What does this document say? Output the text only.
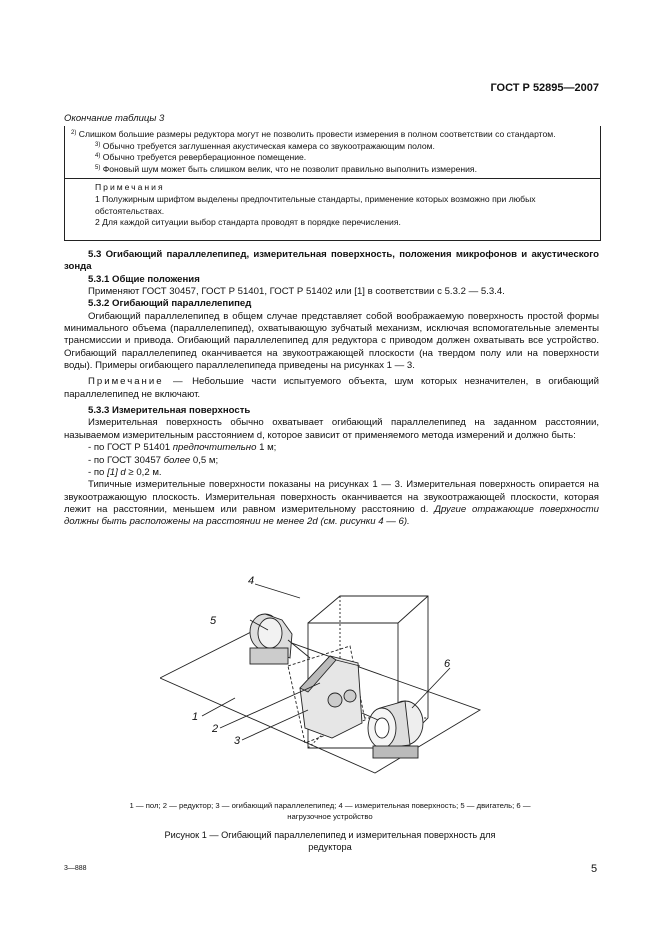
ГОСТ Р 52895—2007
Окончание таблицы 3

$^{2)}$ Слишком большие размеры редуктора могут не позволить провести измерения в полном соответствии со стандартом.

$^{3)}$ Обычно требуется заглушенная акустическая камера со звукоотражающим полом.

$^{4)}$ Обычно требуется реверберационное помещение.

$^{5)}$ Фоновый шум может быть слишком велик, что не позволит правильно выполнить измерения.

Примечания

1 Полужирным шрифтом выделены предпочтительные стандарты, применение которых возможно при любых обстоятельствах.

2 Для каждой ситуации выбор стандарта проводят в порядке перечисления.

5.3 Огибающий параллелепипед, измерительная поверхность, положения микрофонов и акустического зонда

5.3.1 Общие положения

Применяют ГОСТ 30457, ГОСТ Р 51401, ГОСТ Р 51402 или [1] в соответствии с 5.3.2 — 5.3.4.

5.3.2 Огибающий параллелепипед

Огибающий параллелепипед в общем случае представляет собой воображаемую поверхность простой формы минимального объема (параллелепипед), охватывающую зубчатый механизм, исключая вспомогательные элементы трансмиссии и привода. Огибающий параллелепипед для редуктора с приводом должен охватывать все устройство. Огибающий параллелепипед оканчивается на звукоотражающей плоскости (на твердом полу или на поверхности воды). Примеры огибающего параллелепипеда приведены на рисунках 1 — 3.

Примечание — Небольшие части испытуемого объекта, шум которых незначителен, в огибающий параллелепипед не включают.

5.3.3 Измерительная поверхность

Измерительная поверхность обычно охватывает огибающий параллелепипед на заданном расстоянии, называемом измерительным расстоянием d, которое зависит от применяемого метода измерений и должно быть:

- по ГОСТ Р 51401 предпочтительно 1 м;

- по ГОСТ 30457 более 0,5 м;

- по [1] d ≥ 0,2 м.

Типичные измерительные поверхности показаны на рисунках 1 — 3. Измерительная поверхность опирается на звукоотражающую плоскость. Измерительная поверхность оканчивается на звукоотражающей плоскости, которая лежит на расстоянии, меньшем или равном измерительному расстоянию d. Другие отражающие поверхности должны быть расположены на расстоянии не менее 2d (см. рисунки 4 — 6).

5
4
6
1
2
3
1 — пол; 2 — редуктор; 3 — огибающий параллелепипед; 4 — измерительная поверхность; 5 — двигатель; 6 — нагрузочное устройство
Рисунок 1 — Огибающий параллелепипед и измерительная поверхность для редуктора
3—888	5
